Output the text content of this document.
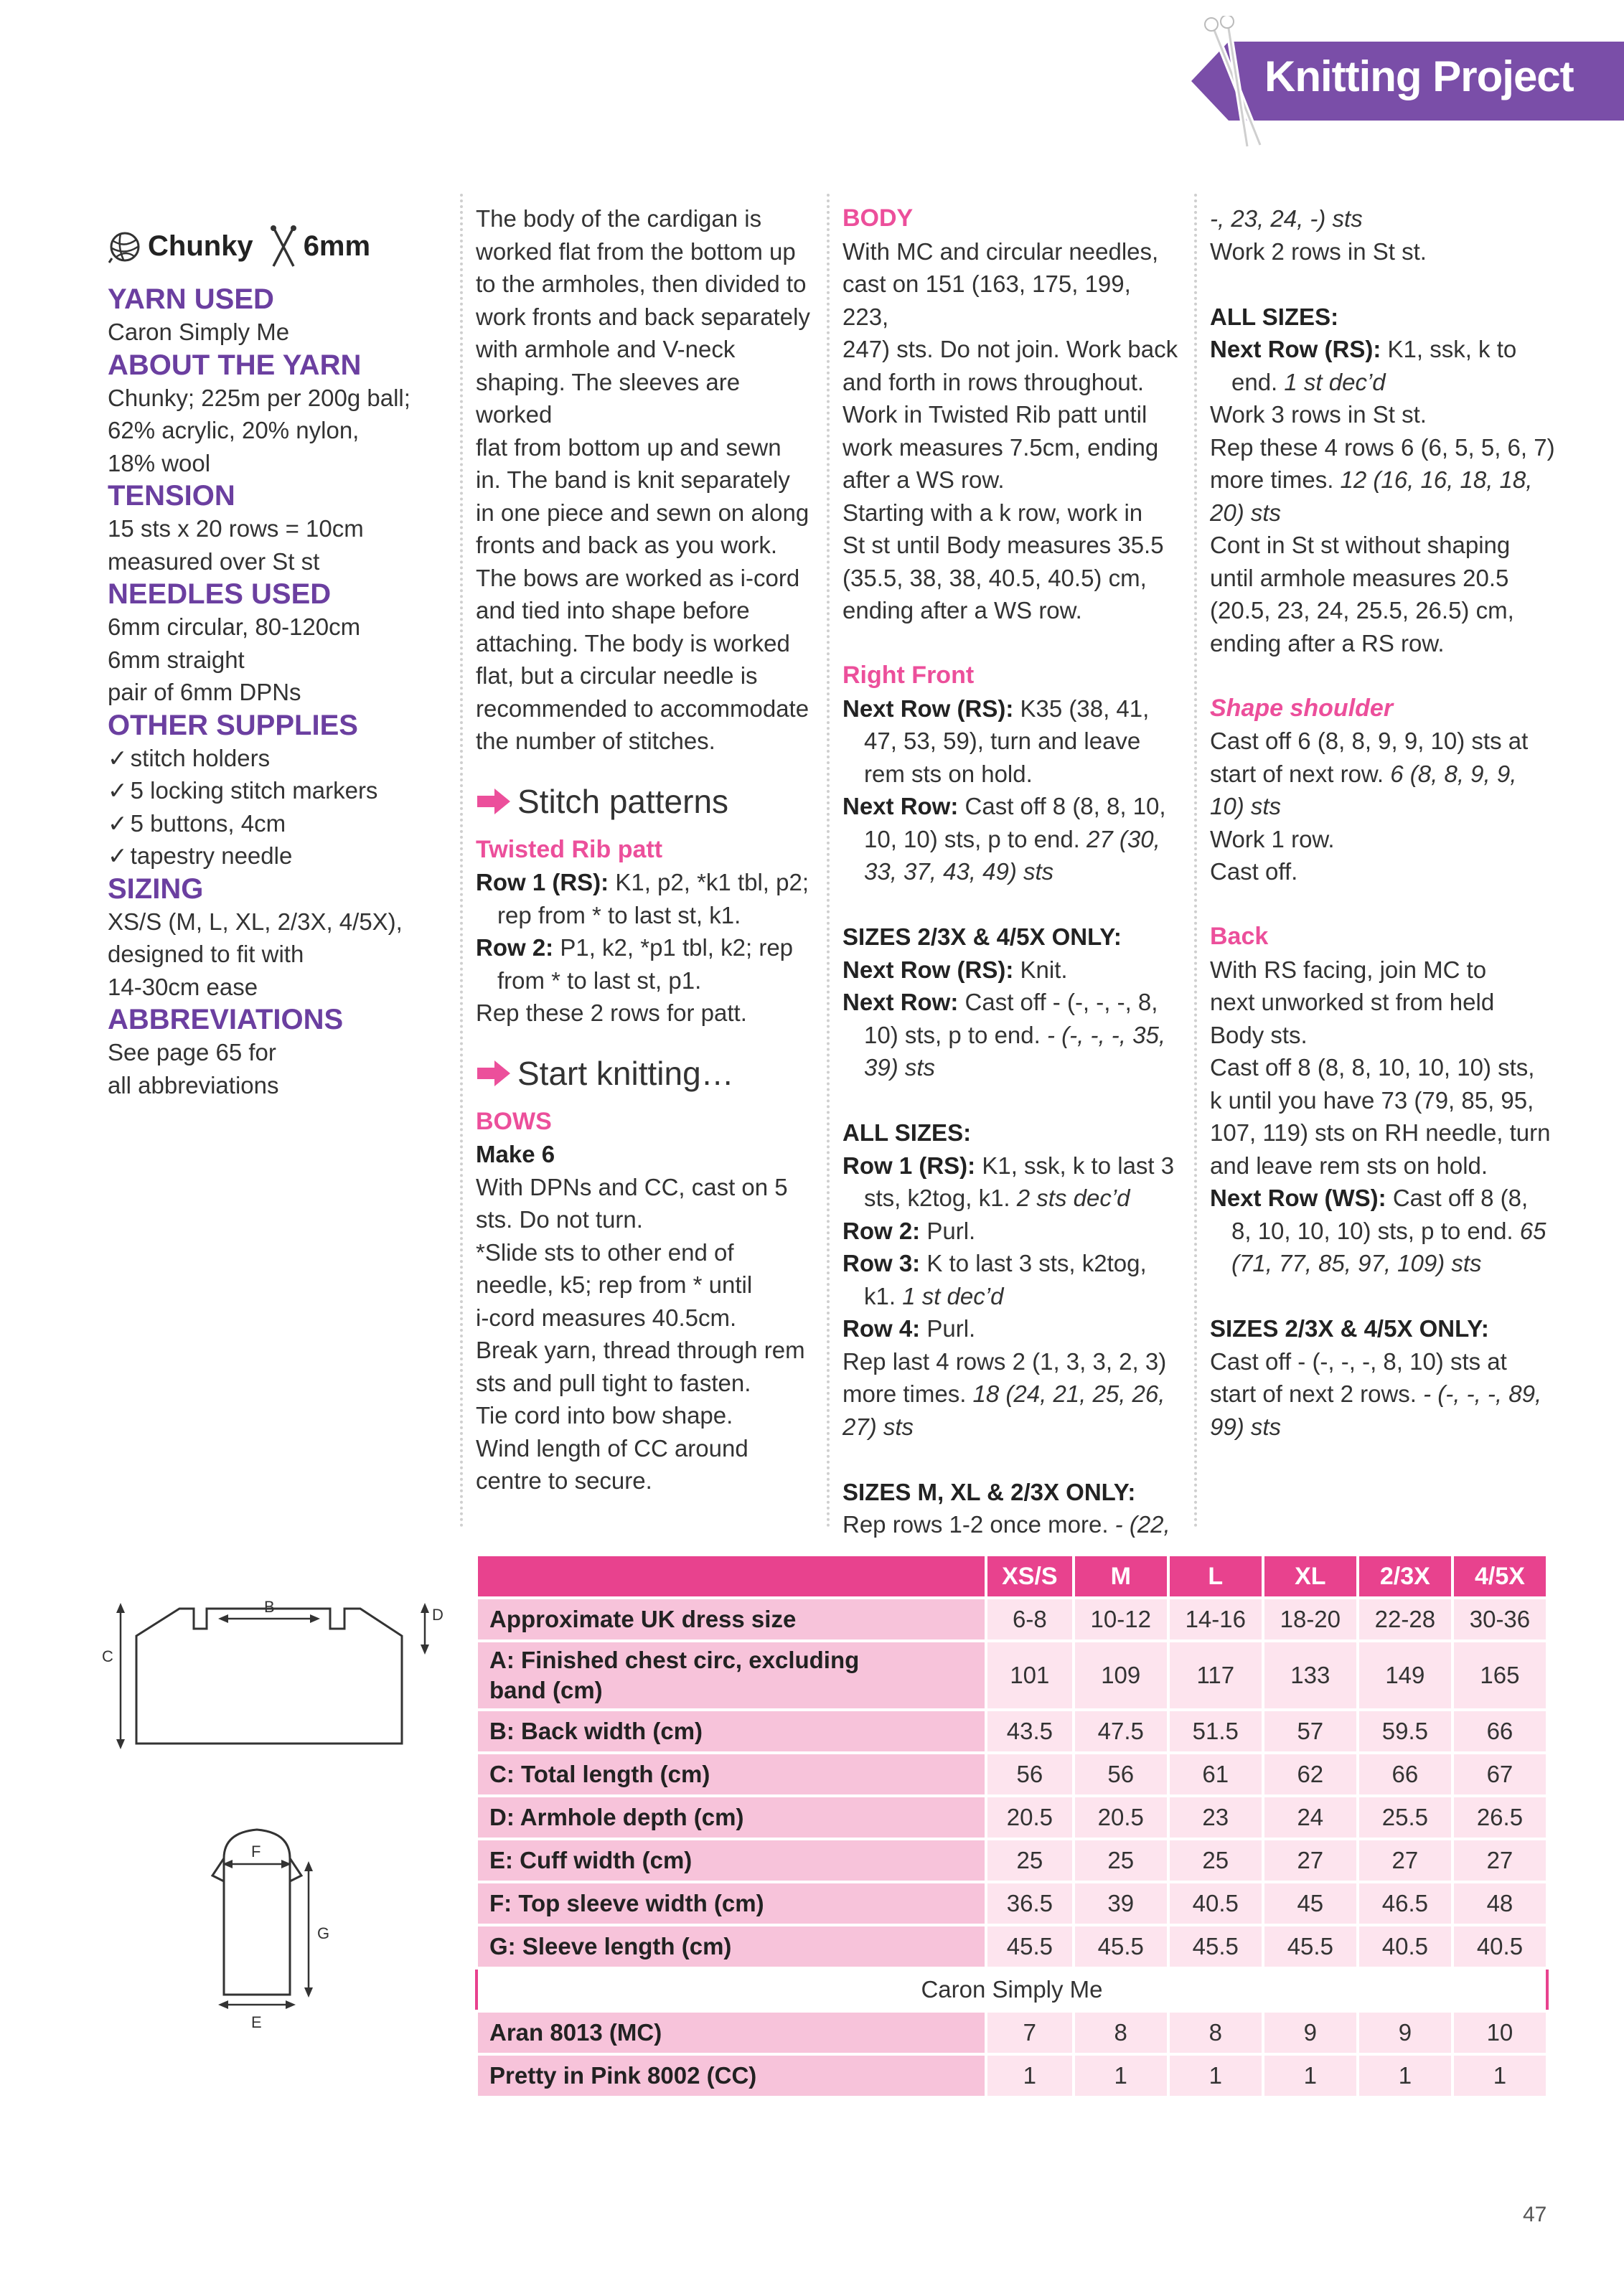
Knitting Project
Chunky 6mm

YARN USED

Caron Simply Me

ABOUT THE YARN

Chunky; 225m per 200g ball;

62% acrylic, 20% nylon,

18% wool

TENSION

15 sts x 20 rows = 10cm

measured over St st

NEEDLES USED

6mm circular, 80-120cm

6mm straight

pair of 6mm DPNs

OTHER SUPPLIES

✓ stitch holders

✓ 5 locking stitch markers

✓ 5 buttons, 4cm

✓ tapestry needle

SIZING

XS/S (M, L, XL, 2/3X, 4/5X),

designed to fit with

14-30cm ease

ABBREVIATIONS

See page 65 for

all abbreviations

The body of the cardigan is

worked flat from the bottom up

to the armholes, then divided to

work fronts and back separately

with armhole and V-neck

shaping. The sleeves are worked

flat from bottom up and sewn

in. The band is knit separately

in one piece and sewn on along

fronts and back as you work.

The bows are worked as i-cord

and tied into shape before

attaching. The body is worked

flat, but a circular needle is

recommended to accommodate

the number of stitches.

Stitch patterns

Twisted Rib patt

Row 1 (RS): K1, p2, *k1 tbl, p2;

rep from * to last st, k1.

Row 2: P1, k2, *p1 tbl, k2; rep

from * to last st, p1.

Rep these 2 rows for patt.

Start knitting…

BOWS

Make 6

With DPNs and CC, cast on 5

sts. Do not turn.

*Slide sts to other end of

needle, k5; rep from * until

i-cord measures 40.5cm.

Break yarn, thread through rem

sts and pull tight to fasten.

Tie cord into bow shape.

Wind length of CC around

centre to secure.

BODY

With MC and circular needles,

cast on 151 (163, 175, 199, 223,

247) sts. Do not join. Work back

and forth in rows throughout.

Work in Twisted Rib patt until

work measures 7.5cm, ending

after a WS row.

Starting with a k row, work in

St st until Body measures 35.5

(35.5, 38, 38, 40.5, 40.5) cm,

ending after a WS row.

Right Front

Next Row (RS): K35 (38, 41,

47, 53, 59), turn and leave

rem sts on hold.

Next Row: Cast off 8 (8, 8, 10,

10, 10) sts, p to end. 27 (30,

33, 37, 43, 49) sts

SIZES 2/3X & 4/5X ONLY:

Next Row (RS): Knit.

Next Row: Cast off - (-, -, -, 8,

10) sts, p to end. - (-, -, -, 35,

39) sts

ALL SIZES:

Row 1 (RS): K1, ssk, k to last 3

sts, k2tog, k1. 2 sts dec’d

Row 2: Purl.

Row 3: K to last 3 sts, k2tog,

k1. 1 st dec’d

Row 4: Purl.

Rep last 4 rows 2 (1, 3, 3, 2, 3)

more times. 18 (24, 21, 25, 26,

27) sts

SIZES M, XL & 2/3X ONLY:

Rep rows 1-2 once more. - (22,

-, 23, 24, -) sts

Work 2 rows in St st.

ALL SIZES:

Next Row (RS): K1, ssk, k to

end. 1 st dec’d

Work 3 rows in St st.

Rep these 4 rows 6 (6, 5, 5, 6, 7)

more times. 12 (16, 16, 18, 18,

20) sts

Cont in St st without shaping

until armhole measures 20.5

(20.5, 23, 24, 25.5, 26.5) cm,

ending after a RS row.

Shape shoulder

Cast off 6 (8, 8, 9, 9, 10) sts at

start of next row. 6 (8, 8, 9, 9,

10) sts

Work 1 row.

Cast off.

Back

With RS facing, join MC to

next unworked st from held

Body sts.

Cast off 8 (8, 8, 10, 10, 10) sts,

k until you have 73 (79, 85, 95,

107, 119) sts on RH needle, turn

and leave rem sts on hold.

Next Row (WS): Cast off 8 (8,

8, 10, 10, 10) sts, p to end. 65

(71, 77, 85, 97, 109) sts

SIZES 2/3X & 4/5X ONLY:

Cast off - (-, -, -, 8, 10) sts at

start of next 2 rows. - (-, -, -, 89,

99) sts

B
C
D
F
G
E
	XS/S	M	L	XL	2/3X	4/5X
Approximate UK dress size	6-8	10-12	14-16	18-20	22-28	30-36
A: Finished chest circ, excluding
band (cm)	101	109	117	133	149	165
B: Back width (cm)	43.5	47.5	51.5	57	59.5	66
C: Total length (cm)	56	56	61	62	66	67
D: Armhole depth (cm)	20.5	20.5	23	24	25.5	26.5
E: Cuff width (cm)	25	25	25	27	27	27
F: Top sleeve width (cm)	36.5	39	40.5	45	46.5	48
G: Sleeve length (cm)	45.5	45.5	45.5	45.5	40.5	40.5
Caron Simply Me						
Aran 8013 (MC)	7	8	8	9	9	10
Pretty in Pink 8002 (CC)	1	1	1	1	1	1
47
